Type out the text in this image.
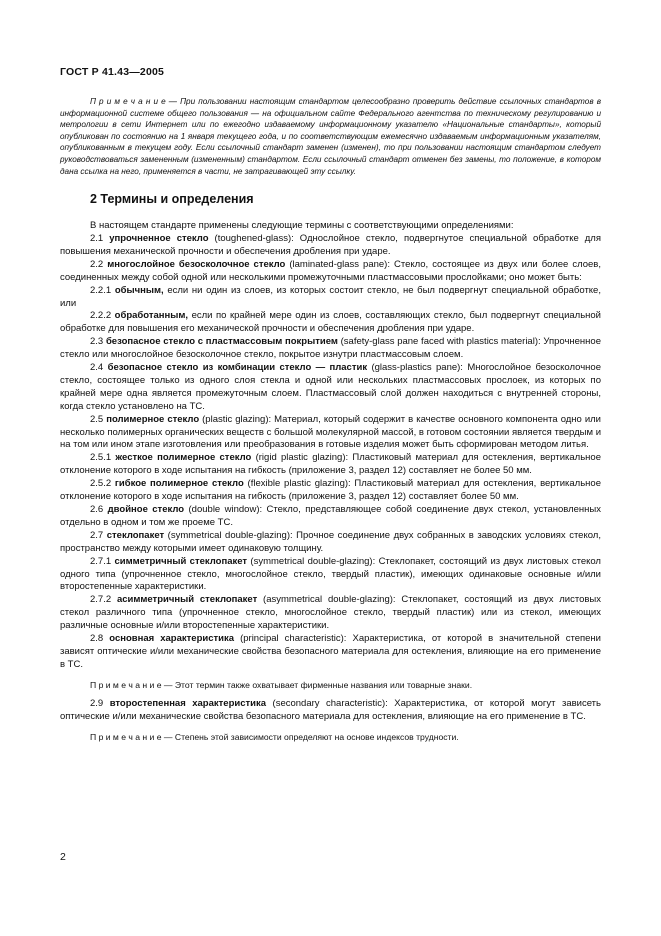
ГОСТ Р 41.43—2005

П р и м е ч а н и е — При пользовании настоящим стандартом целесообразно проверить действие ссылочных стандартов в информационной системе общего пользования — на официальном сайте Федерального агентства по техническому регулированию и метрологии в сети Интернет или по ежегодно издаваемому информационному указателю «Национальные стандарты», который опубликован по состоянию на 1 января текущего года, и по соответствующим ежемесячно издаваемым информационным указателям, опубликованным в текущем году. Если ссылочный стандарт заменен (изменен), то при пользовании настоящим стандартом следует руководствоваться замененным (измененным) стандартом. Если ссылочный стандарт отменен без замены, то положение, в котором дана ссылка на него, применяется в части, не затрагивающей эту ссылку.

2 Термины и определения

В настоящем стандарте применены следующие термины с соответствующими определениями:

2.1 упрочненное стекло (toughened-glass): Однослойное стекло, подвергнутое специальной обработке для повышения механической прочности и обеспечения дробления при ударе.

2.2 многослойное безосколочное стекло (laminated-glass pane): Стекло, состоящее из двух или более слоев, соединенных между собой одной или несколькими промежуточными пластмассовыми прослойками; оно может быть:

2.2.1 обычным, если ни один из слоев, из которых состоит стекло, не был подвергнут специальной обработке, или

2.2.2 обработанным, если по крайней мере один из слоев, составляющих стекло, был подвергнут специальной обработке для повышения его механической прочности и обеспечения дробления при ударе.

2.3 безопасное стекло с пластмассовым покрытием (safety-glass pane faced with plastics material): Упрочненное стекло или многослойное безосколочное стекло, покрытое изнутри пластмассовым слоем.

2.4 безопасное стекло из комбинации стекло — пластик (glass-plastics pane): Многослойное безосколочное стекло, состоящее только из одного слоя стекла и одной или нескольких пластмассовых прослоек, из которых по крайней мере одна является промежуточным слоем. Пластмассовый слой должен находиться с внутренней стороны, когда стекло установлено на ТС.

2.5 полимерное стекло (plastic glazing): Материал, который содержит в качестве основного компонента одно или несколько полимерных органических веществ с большой молекулярной массой, в готовом состоянии является твердым и на том или ином этапе изготовления или преобразования в готовые изделия может быть сформирован методом литья.

2.5.1 жесткое полимерное стекло (rigid plastic glazing): Пластиковый материал для остекления, вертикальное отклонение которого в ходе испытания на гибкость (приложение 3, раздел 12) составляет не более 50 мм.

2.5.2 гибкое полимерное стекло (flexible plastic glazing): Пластиковый материал для остекления, вертикальное отклонение которого в ходе испытания на гибкость (приложение 3, раздел 12) составляет более 50 мм.

2.6 двойное стекло (double window): Стекло, представляющее собой соединение двух стекол, установленных отдельно в одном и том же проеме ТС.

2.7 стеклопакет (symmetrical double-glazing): Прочное соединение двух собранных в заводских условиях стекол, пространство между которыми имеет одинаковую толщину.

2.7.1 симметричный стеклопакет (symmetrical double-glazing): Стеклопакет, состоящий из двух листовых стекол одного типа (упрочненное стекло, многослойное стекло, твердый пластик), имеющих одинаковые основные и/или второстепенные характеристики.

2.7.2 асимметричный стеклопакет (asymmetrical double-glazing): Стеклопакет, состоящий из двух листовых стекол различного типа (упрочненное стекло, многослойное стекло, твердый пластик) или из стекол, имеющих различные основные и/или второстепенные характеристики.

2.8 основная характеристика (principal characteristic): Характеристика, от которой в значительной степени зависят оптические и/или механические свойства безопасного материала для остекления, влияющие на его применение в ТС.

П р и м е ч а н и е — Этот термин также охватывает фирменные названия или товарные знаки.

2.9 второстепенная характеристика (secondary characteristic): Характеристика, от которой могут зависеть оптические и/или механические свойства безопасного материала для остекления, влияющие на его применение в ТС.

П р и м е ч а н и е — Степень этой зависимости определяют на основе индексов трудности.

2
